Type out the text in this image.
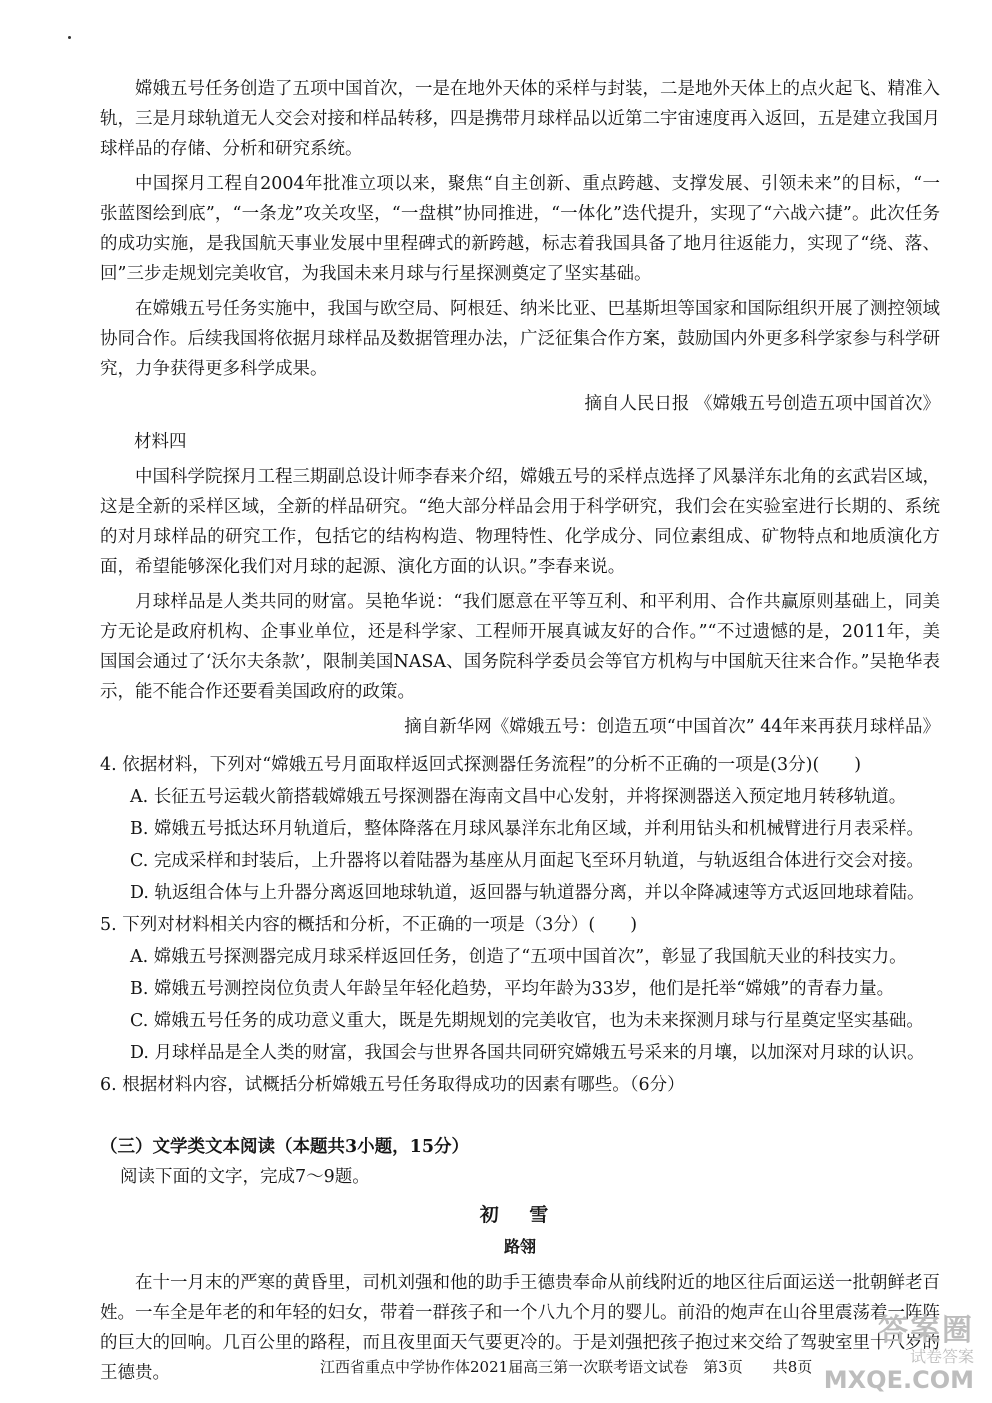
嫦娥五号任务创造了五项中国首次，一是在地外天体的采样与封装，二是地外天体上的点火起飞、精准入轨，三是月球轨道无人交会对接和样品转移，四是携带月球样品以近第二宇宙速度再入返回，五是建立我国月球样品的存储、分析和研究系统。

中国探月工程自2004年批准立项以来，聚焦“自主创新、重点跨越、支撑发展、引领未来”的目标，“一张蓝图绘到底”，“一条龙”攻关攻坚，“一盘棋”协同推进，“一体化”迭代提升，实现了“六战六捷”。此次任务的成功实施，是我国航天事业发展中里程碑式的新跨越，标志着我国具备了地月往返能力，实现了“绕、落、回”三步走规划完美收官，为我国未来月球与行星探测奠定了坚实基础。

在嫦娥五号任务实施中，我国与欧空局、阿根廷、纳米比亚、巴基斯坦等国家和国际组织开展了测控领域协同合作。后续我国将依据月球样品及数据管理办法，广泛征集合作方案，鼓励国内外更多科学家参与科学研究，力争获得更多科学成果。

摘自人民日报 《嫦娥五号创造五项中国首次》

材料四

中国科学院探月工程三期副总设计师李春来介绍，嫦娥五号的采样点选择了风暴洋东北角的玄武岩区域，这是全新的采样区域，全新的样品研究。“绝大部分样品会用于科学研究，我们会在实验室进行长期的、系统的对月球样品的研究工作，包括它的结构构造、物理特性、化学成分、同位素组成、矿物特点和地质演化方面，希望能够深化我们对月球的起源、演化方面的认识。”李春来说。

月球样品是人类共同的财富。吴艳华说：“我们愿意在平等互利、和平利用、合作共赢原则基础上，同美方无论是政府机构、企事业单位，还是科学家、工程师开展真诚友好的合作。”“不过遗憾的是，2011年，美国国会通过了‘沃尔夫条款’，限制美国NASA、国务院科学委员会等官方机构与中国航天往来合作。”吴艳华表示，能不能合作还要看美国政府的政策。

摘自新华网《嫦娥五号：创造五项“中国首次” 44年来再获月球样品》

4. 依据材料，下列对“嫦娥五号月面取样返回式探测器任务流程”的分析不正确的一项是(3分)(　　)

A. 长征五号运载火箭搭载嫦娥五号探测器在海南文昌中心发射，并将探测器送入预定地月转移轨道。

B. 嫦娥五号抵达环月轨道后，整体降落在月球风暴洋东北角区域，并利用钻头和机械臂进行月表采样。

C. 完成采样和封装后，上升器将以着陆器为基座从月面起飞至环月轨道，与轨返组合体进行交会对接。

D. 轨返组合体与上升器分离返回地球轨道，返回器与轨道器分离，并以伞降减速等方式返回地球着陆。

5. 下列对材料相关内容的概括和分析，不正确的一项是（3分）(　　)

A. 嫦娥五号探测器完成月球采样返回任务，创造了“五项中国首次”，彰显了我国航天业的科技实力。

B. 嫦娥五号测控岗位负责人年龄呈年轻化趋势，平均年龄为33岁，他们是托举“嫦娥”的青春力量。

C. 嫦娥五号任务的成功意义重大，既是先期规划的完美收官，也为未来探测月球与行星奠定坚实基础。

D. 月球样品是全人类的财富，我国会与世界各国共同研究嫦娥五号采来的月壤，以加深对月球的认识。

6. 根据材料内容，试概括分析嫦娥五号任务取得成功的因素有哪些。（6分）

（三）文学类文本阅读（本题共3小题，15分）

阅读下面的文字，完成7～9题。

初 雪

路翎

在十一月末的严寒的黄昏里，司机刘强和他的助手王德贵奉命从前线附近的地区往后面运送一批朝鲜老百姓。一车全是年老的和年轻的妇女，带着一群孩子和一个八九个月的婴儿。前沿的炮声在山谷里震荡着一阵阵的巨大的回响。几百公里的路程，而且夜里面天气要更冷的。于是刘强把孩子抱过来交给了驾驶室里十八岁的王德贵。	江西省重点中学协作体2021届高三第一次联考语文试卷　第3页　　共8页
答案圈
试卷答案
MXQE.COM
